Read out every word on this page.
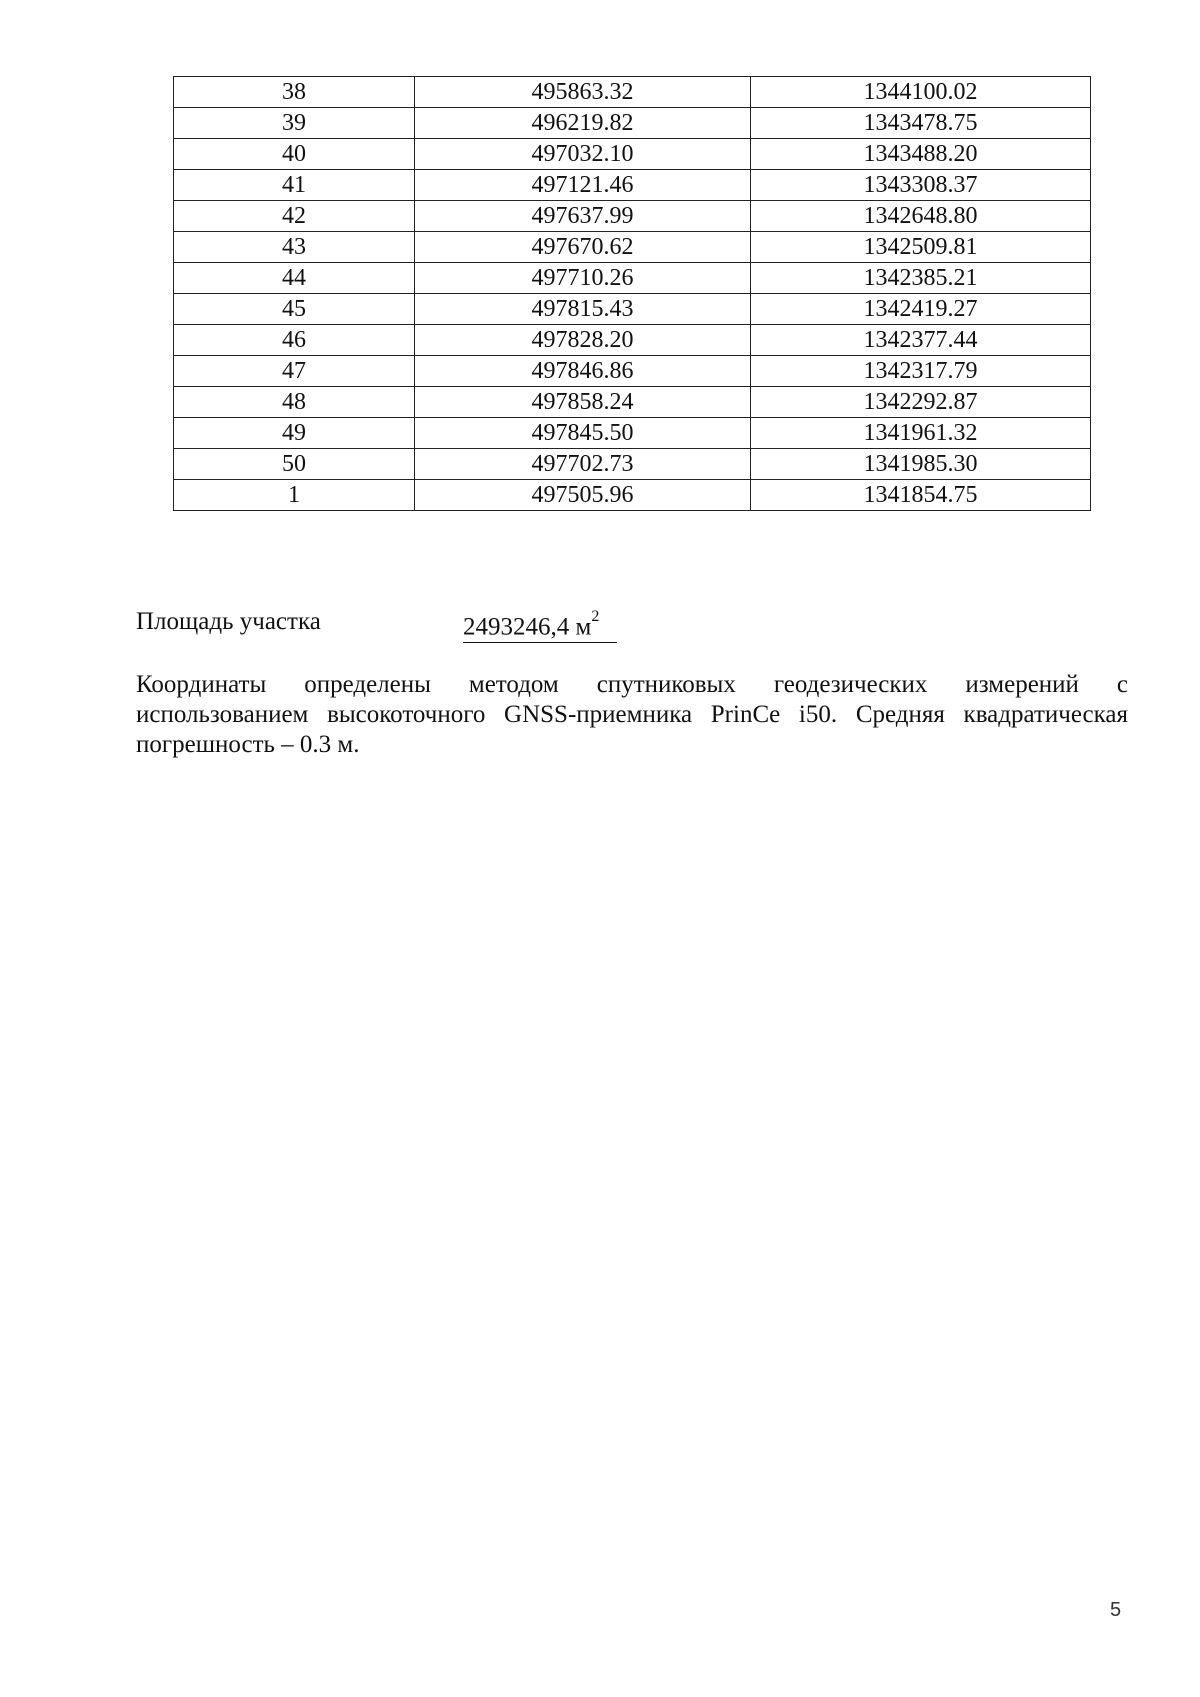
38	495863.32	1344100.02
39	496219.82	1343478.75
40	497032.10	1343488.20
41	497121.46	1343308.37
42	497637.99	1342648.80
43	497670.62	1342509.81
44	497710.26	1342385.21
45	497815.43	1342419.27
46	497828.20	1342377.44
47	497846.86	1342317.79
48	497858.24	1342292.87
49	497845.50	1341961.32
50	497702.73	1341985.30
1	497505.96	1341854.75
Площадь участка	2493246,4 $м^2$
Координаты определены методом спутниковых геодезических измерений с
использованием высокоточного GNSS-приемника PrinCe i50. Средняя квадратическая
погрешность – 0.3 м.
5
